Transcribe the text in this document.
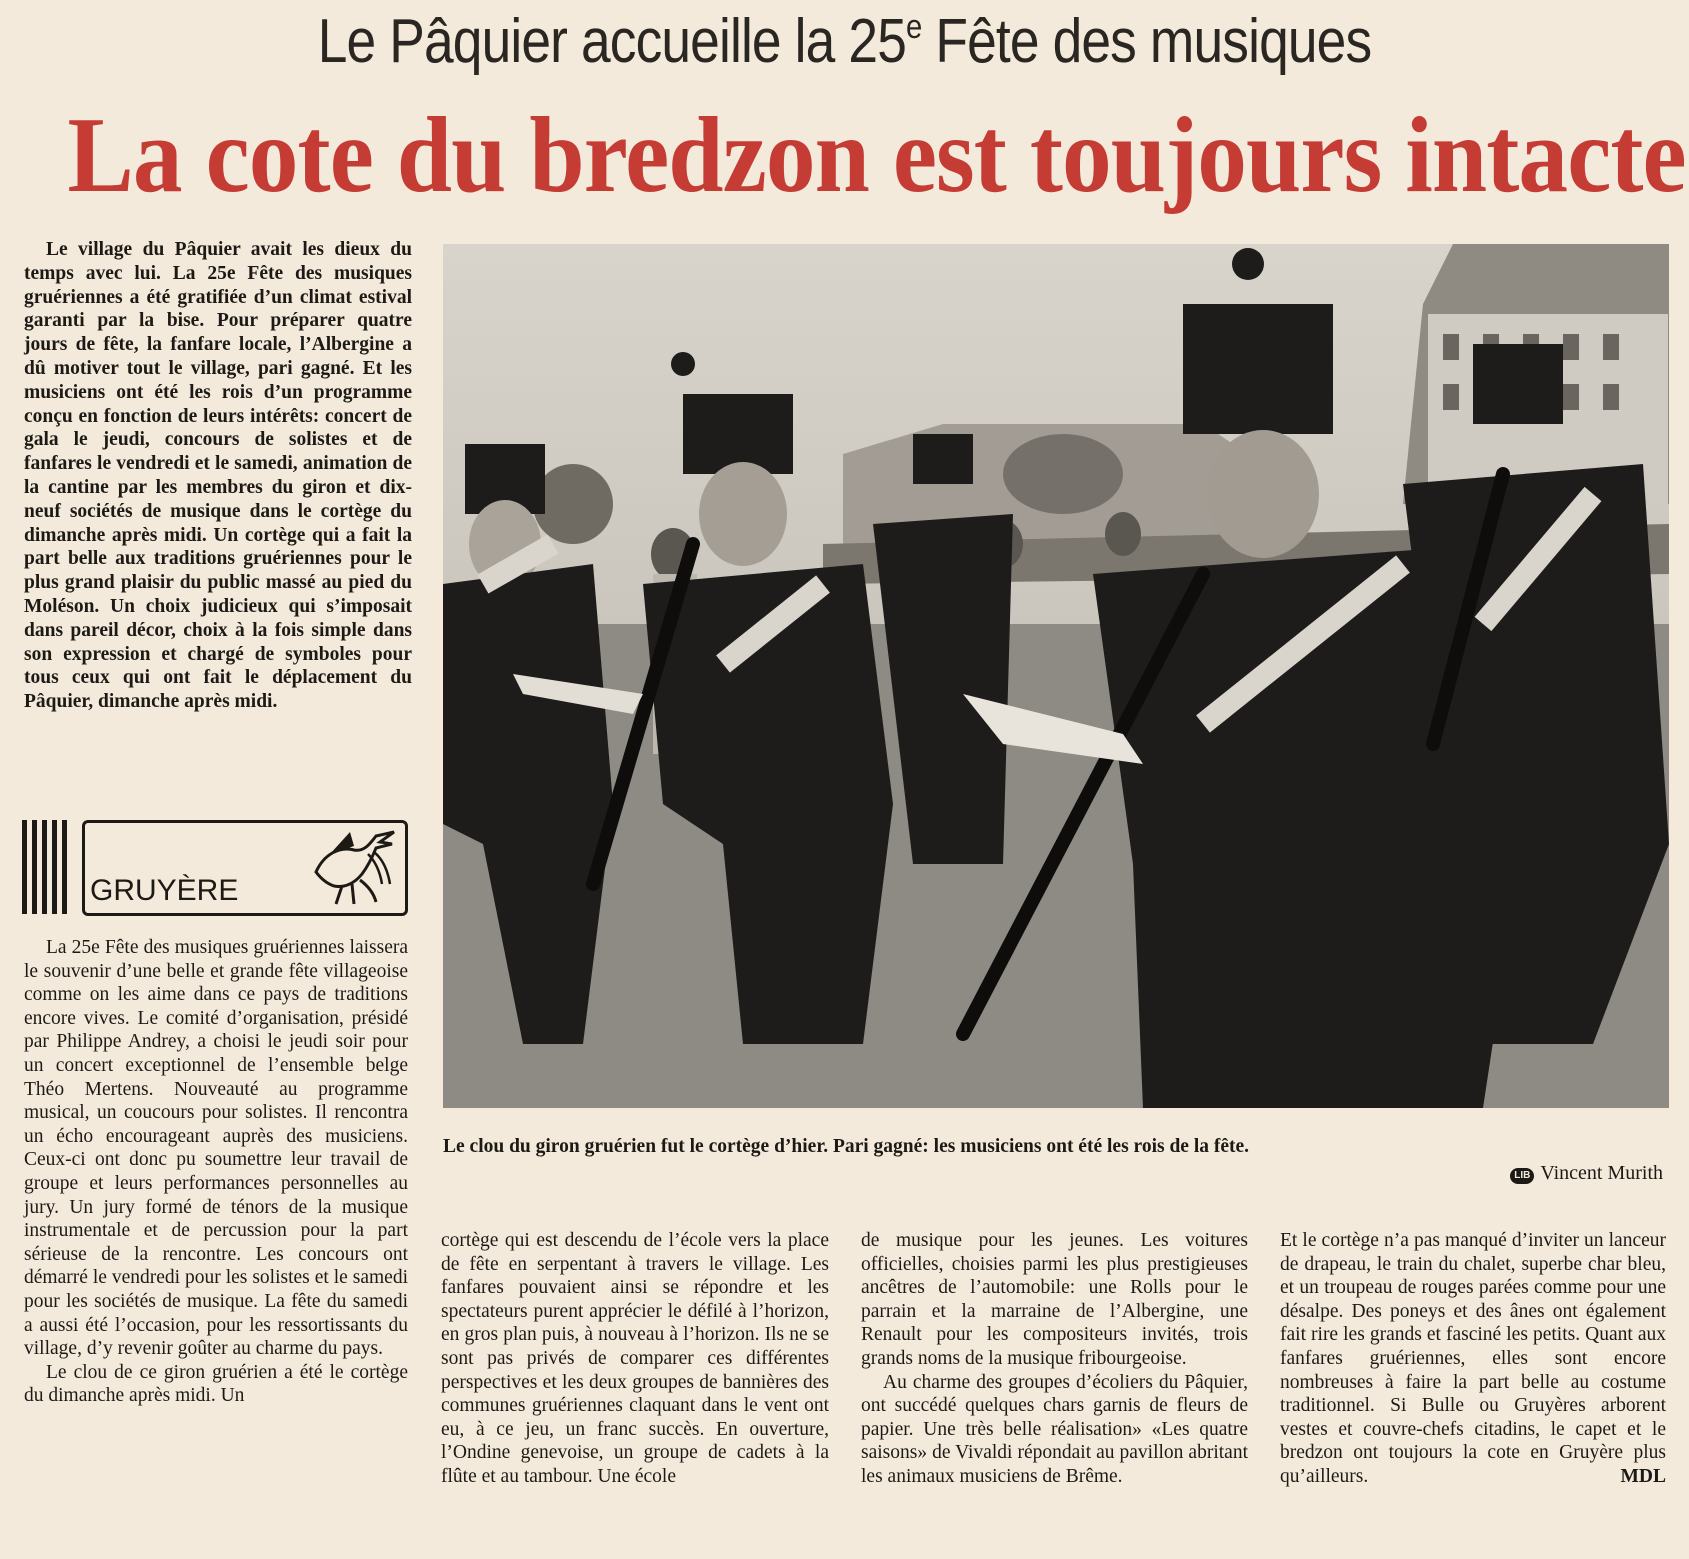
Le Pâquier accueille la 25e Fête des musiques
La cote du bredzon est toujours intacte

Le village du Pâquier avait les dieux du temps avec lui. La 25e Fête des musiques gruériennes a été gratifiée d’un climat estival garanti par la bise. Pour préparer quatre jours de fête, la fanfare locale, l’Albergine a dû motiver tout le village, pari gagné. Et les musiciens ont été les rois d’un programme conçu en fonction de leurs intérêts: concert de gala le jeudi, concours de solistes et de fanfares le vendredi et le samedi, animation de la cantine par les membres du giron et dix-neuf sociétés de musique dans le cortège du dimanche après midi. Un cortège qui a fait la part belle aux traditions gruériennes pour le plus grand plaisir du public massé au pied du Moléson. Un choix judicieux qui s’imposait dans pareil décor, choix à la fois simple dans son expression et chargé de symboles pour tous ceux qui ont fait le déplacement du Pâquier, dimanche après midi.

GRUYÈRE
Le clou du giron gruérien fut le cortège d’hier. Pari gagné: les musiciens ont été les rois de la fête.
LIB Vincent Murith

La 25e Fête des musiques gruériennes laissera le souvenir d’une belle et grande fête villageoise comme on les aime dans ce pays de traditions encore vives. Le comité d’organisation, présidé par Philippe Andrey, a choisi le jeudi soir pour un concert exceptionnel de l’ensemble belge Théo Mertens. Nouveauté au programme musical, un coucours pour solistes. Il rencontra un écho encourageant auprès des musiciens. Ceux-ci ont donc pu soumettre leur travail de groupe et leurs performances personnelles au jury. Un jury formé de ténors de la musique instrumentale et de percussion pour la part sérieuse de la rencontre. Les concours ont démarré le vendredi pour les solistes et le samedi pour les sociétés de musique. La fête du samedi a aussi été l’occasion, pour les ressortissants du village, d’y revenir goûter au charme du pays.

Le clou de ce giron gruérien a été le cortège du dimanche après midi. Un

cortège qui est descendu de l’école vers la place de fête en serpentant à travers le village. Les fanfares pouvaient ainsi se répondre et les spectateurs purent apprécier le défilé à l’horizon, en gros plan puis, à nouveau à l’horizon. Ils ne se sont pas privés de comparer ces différentes perspectives et les deux groupes de bannières des communes gruériennes claquant dans le vent ont eu, à ce jeu, un franc succès. En ouverture, l’Ondine genevoise, un groupe de cadets à la flûte et au tambour. Une école

de musique pour les jeunes. Les voitures officielles, choisies parmi les plus prestigieuses ancêtres de l’automobile: une Rolls pour le parrain et la marraine de l’Albergine, une Renault pour les compositeurs invités, trois grands noms de la musique fribourgeoise.

Au charme des groupes d’écoliers du Pâquier, ont succédé quelques chars garnis de fleurs de papier. Une très belle réalisation» «Les quatre saisons» de Vivaldi répondait au pavillon abritant les animaux musiciens de Brême.

Et le cortège n’a pas manqué d’inviter un lanceur de drapeau, le train du chalet, superbe char bleu, et un troupeau de rouges parées comme pour une désalpe. Des poneys et des ânes ont également fait rire les grands et fasciné les petits. Quant aux fanfares gruériennes, elles sont encore nombreuses à faire la part belle au costume traditionnel. Si Bulle ou Gruyères arborent vestes et couvre-chefs citadins, le capet et le bredzon ont toujours la cote en Gruyère plus qu’ailleurs.	MDL
